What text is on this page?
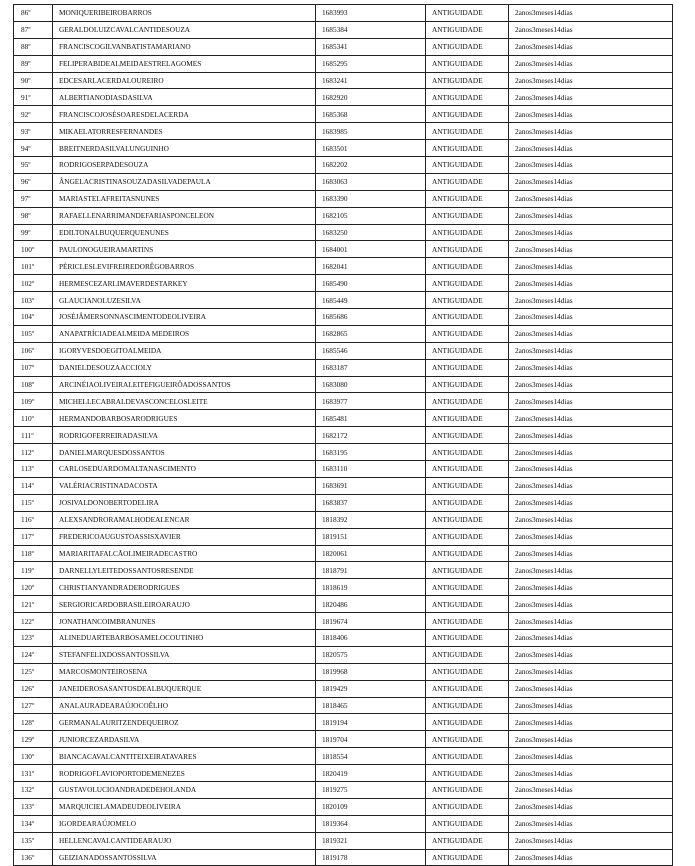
86º	MONIQUERIBEIROBARROS	1683993	ANTIGUIDADE	2anos3meses14dias
87º	GERALDOLUIZCAVALCANTIDESOUZA	1685384	ANTIGUIDADE	2anos3meses14dias
88º	FRANCISCOGILVANBATISTAMARIANO	1685341	ANTIGUIDADE	2anos3meses14dias
89º	FELIPERABIDEALMEIDAESTRELAGOMES	1685295	ANTIGUIDADE	2anos3meses14dias
90º	EDCESARLACERDALOUREIRO	1683241	ANTIGUIDADE	2anos3meses14dias
91º	ALBERTIANODIASDASILVA	1682920	ANTIGUIDADE	2anos3meses14dias
92º	FRANCISCOJOSÉSOARESDELACERDA	1685368	ANTIGUIDADE	2anos3meses14dias
93º	MIKAELATORRESFERNANDES	1683985	ANTIGUIDADE	2anos3meses14dias
94º	BREITNERDASILVALUNGUINHO	1683501	ANTIGUIDADE	2anos3meses14dias
95º	RODRIGOSERPADESOUZA	1682202	ANTIGUIDADE	2anos3meses14dias
96º	ÂNGELACRISTINASOUZADASILVADEPAULA	1683063	ANTIGUIDADE	2anos3meses14dias
97º	MARIASTELAFREITASNUNES	1683390	ANTIGUIDADE	2anos3meses14dias
98º	RAFAELLENARRIMANDEFARIASPONCELEON	1682105	ANTIGUIDADE	2anos3meses14dias
99º	EDILTONALBUQUERQUENUNES	1683250	ANTIGUIDADE	2anos3meses14dias
100º	PAULONOGUEIRAMARTINS	1684001	ANTIGUIDADE	2anos3meses14dias
101º	PÉRICLESLEVIFREIREDORÊGOBARROS	1682041	ANTIGUIDADE	2anos3meses14dias
102º	HERMESCEZARLIMAVERDESTARKEY	1685490	ANTIGUIDADE	2anos3meses14dias
103º	GLAUCIANOLUZESILVA	1685449	ANTIGUIDADE	2anos3meses14dias
104º	JOSÉJÂMERSONNASCIMENTODEOLIVEIRA	1685686	ANTIGUIDADE	2anos3meses14dias
105º	ANAPATRÍCIADEALMEIDA MEDEIROS	1682865	ANTIGUIDADE	2anos3meses14dias
106º	IGORYVESDOEGITOALMEIDA	1685546	ANTIGUIDADE	2anos3meses14dias
107º	DANIELDESOUZAACCIOLY	1683187	ANTIGUIDADE	2anos3meses14dias
108º	ARCINÉIAOLIVEIRALEITEFIGUEIRÔADOSSANTOS	1683080	ANTIGUIDADE	2anos3meses14dias
109º	MICHELLECABRALDEVASCONCELOSLEITE	1683977	ANTIGUIDADE	2anos3meses14dias
110º	HERMANDOBARBOSARODRIGUES	1685481	ANTIGUIDADE	2anos3meses14dias
111º	RODRIGOFERREIRADASILVA	1682172	ANTIGUIDADE	2anos3meses14dias
112º	DANIELMARQUESDOSSANTOS	1683195	ANTIGUIDADE	2anos3meses14dias
113º	CARLOSEDUARDOMALTANASCIMENTO	1683110	ANTIGUIDADE	2anos3meses14dias
114º	VALÉRIACRISTINADACOSTA	1683691	ANTIGUIDADE	2anos3meses14dias
115º	JOSIVALDONOBERTODELIRA	1683837	ANTIGUIDADE	2anos3meses14dias
116º	ALEXSANDRORAMALHODEALENCAR	1818392	ANTIGUIDADE	2anos3meses14dias
117º	FREDERICOAUGUSTOASSISXAVIER	1819151	ANTIGUIDADE	2anos3meses14dias
118º	MARIARITAFALCÃOLIMEIRADECASTRO	1820061	ANTIGUIDADE	2anos3meses14dias
119º	DARNELLYLEITEDOSSANTOSRESENDE	1818791	ANTIGUIDADE	2anos3meses14dias
120º	CHRISTIANYANDRADERODRIGUES	1818619	ANTIGUIDADE	2anos3meses14dias
121º	SERGIORICARDOBRASILEIROARAUJO	1820486	ANTIGUIDADE	2anos3meses14dias
122º	JONATHANCOIMBRANUNES	1819674	ANTIGUIDADE	2anos3meses14dias
123º	ALINEDUARTEBARBOSAMELOCOUTINHO	1818406	ANTIGUIDADE	2anos3meses14dias
124º	STEFANFELIXDOSSANTOSSILVA	1820575	ANTIGUIDADE	2anos3meses14dias
125º	MARCOSMONTEIROSENA	1819968	ANTIGUIDADE	2anos3meses14dias
126º	JANEIDEROSASANTOSDEALBUQUERQUE	1819429	ANTIGUIDADE	2anos3meses14dias
127º	ANALAURADEARAÚJOCOÊLHO	1818465	ANTIGUIDADE	2anos3meses14dias
128º	GERMANALAURITZENDEQUEIROZ	1819194	ANTIGUIDADE	2anos3meses14dias
129º	JUNIORCEZARDASILVA	1819704	ANTIGUIDADE	2anos3meses14dias
130º	BIANCACAVALCANTITEIXEIRATAVARES	1818554	ANTIGUIDADE	2anos3meses14dias
131º	RODRIGOFLAVIOPORTODEMENEZES	1820419	ANTIGUIDADE	2anos3meses14dias
132º	GUSTAVOLUCIOANDRADEDEHOLANDA	1819275	ANTIGUIDADE	2anos3meses14dias
133º	MARQUICIELAMADEUDEOLIVEIRA	1820109	ANTIGUIDADE	2anos3meses14dias
134º	IGORDEARAÚJOMELO	1819364	ANTIGUIDADE	2anos3meses14dias
135º	HELLENCAVALCANTIDEARAUJO	1819321	ANTIGUIDADE	2anos3meses14dias
136º	GEIZIANADOSSANTOSSILVA	1819178	ANTIGUIDADE	2anos3meses14dias
